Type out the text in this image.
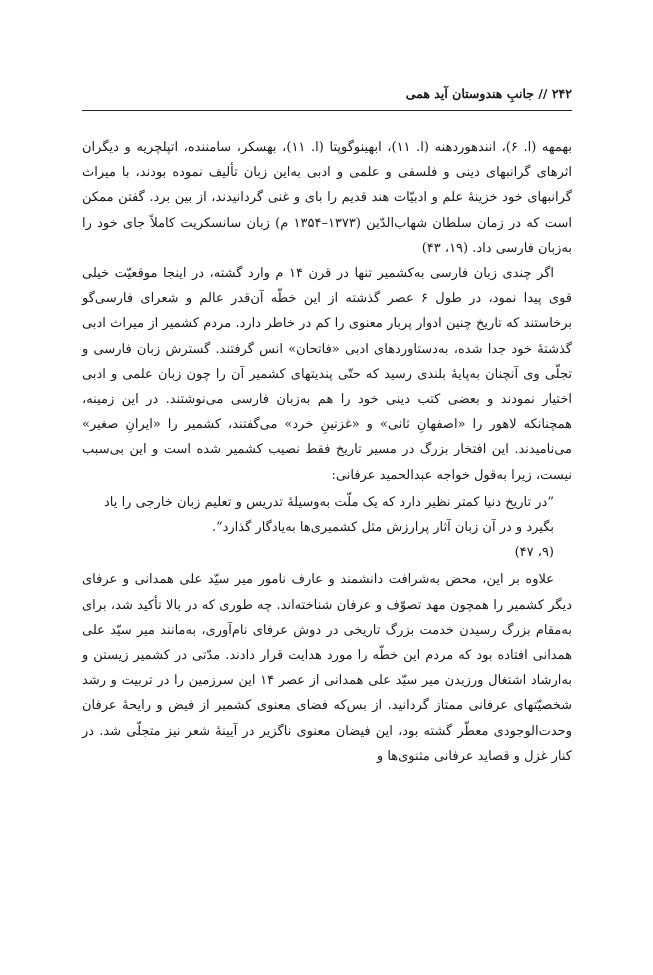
۲۴۲ // جانبِ هندوستان آید همی

بهمهه (ا. ۶)، انندهوردهنه (ا. ۱۱)، ابهینوگوپتا (ا. ۱۱)، بهسکر، سامننده، اتپلچریه و دیگران اثرهای گرانبهای دینی و فلسفی و علمی و ادبی به‌این زبان تألیف نموده بودند، با میراث گرانبهای خود خزینهٔ علم و ادبیّات هند قدیم را بای و غنی گردانیدند، از بین برد. گفتن ممکن است که در زمان سلطان شهاب‌الدّین (۱۳۷۳–۱۳۵۴ م) زبان سانسکریت کاملاً جای خود را به‌زبان فارسی داد. (۱۹، ۴۳)

اگر چندی زبان فارسی به‌کشمیر تنها در قرن ۱۴ م وارد گشته، در اینجا موقعیّت خیلی قوی پیدا نمود، در طول ۶ عصر گذشته از این خطّه آن‌قدر عالم و شعرای فارسی‌گو برخاستند که تاریخ چنین ادوار پربار معنوی را کم در خاطر دارد. مردم کشمیر از میراث ادبی گذشتهٔ خود جدا شده، به‌دستاوردهای ادبی «فاتحان» انس گرفتند. گسترش زبان فارسی و تجلّی وی آنچنان به‌پایهٔ بلندی رسید که حتّی پندیتهای کشمیر آن را چون زبان علمی و ادبی اختیار نمودند و بعضی کتب دینی خود را هم به‌زبان فارسی می‌نوشتند. در این زمینه، همچنانکه لاهور را «اصفهانِ ثانی» و «غزنینِ خرد» می‌گفتند، کشمیر را «ایرانِ صغیر» می‌نامیدند. این افتخار بزرگ در مسیر تاریخ فقط نصیب کشمیر شده است و این بی‌سبب نیست، زیرا به‌قول خواجه عبدالحمید عرفانی:

”در تاریخ دنیا کمتر نظیر دارد که یک ملّت به‌وسیلهٔ تدریس و تعلیم زبان خارجی را یاد بگیرد و در آن زبان آثار پرارزش مثل کشمیری‌ها به‌یادگار گذارد“.
(۹، ۴۷)

علاوه بر این، محض به‌شرافت دانشمند و عارف نامور میر سیّد علی همدانی و عرفای دیگر کشمیر را همچون مهد تصوّف و عرفان شناخته‌اند. چه طوری که در بالا تأکید شد، برای به‌مقام بزرگ رسیدن خدمت بزرگ تاریخی در دوش عرفای نام‌آوری، به‌مانند میر سیّد علی همدانی افتاده بود که مردم این خطّه را مورد هدایت قرار دادند. مدّتی در کشمیر زیستن و به‌ارشاد اشتغال ورزیدن میر سیّد علی همدانی از عصر ۱۴ این سرزمین را در تربیت و رشد شخصیّتهای عرفانی ممتاز گردانید. از بس‌که فضای معنوی کشمیر از فیض و رایحهٔ عرفان وحدت‌الوجودی معطّر گشته بود، این فیضان معنوی ناگزیر در آیینهٔ شعر نیز متجلّی شد. در کنار غزل و قصاید عرفانی مثنوی‌ها و
